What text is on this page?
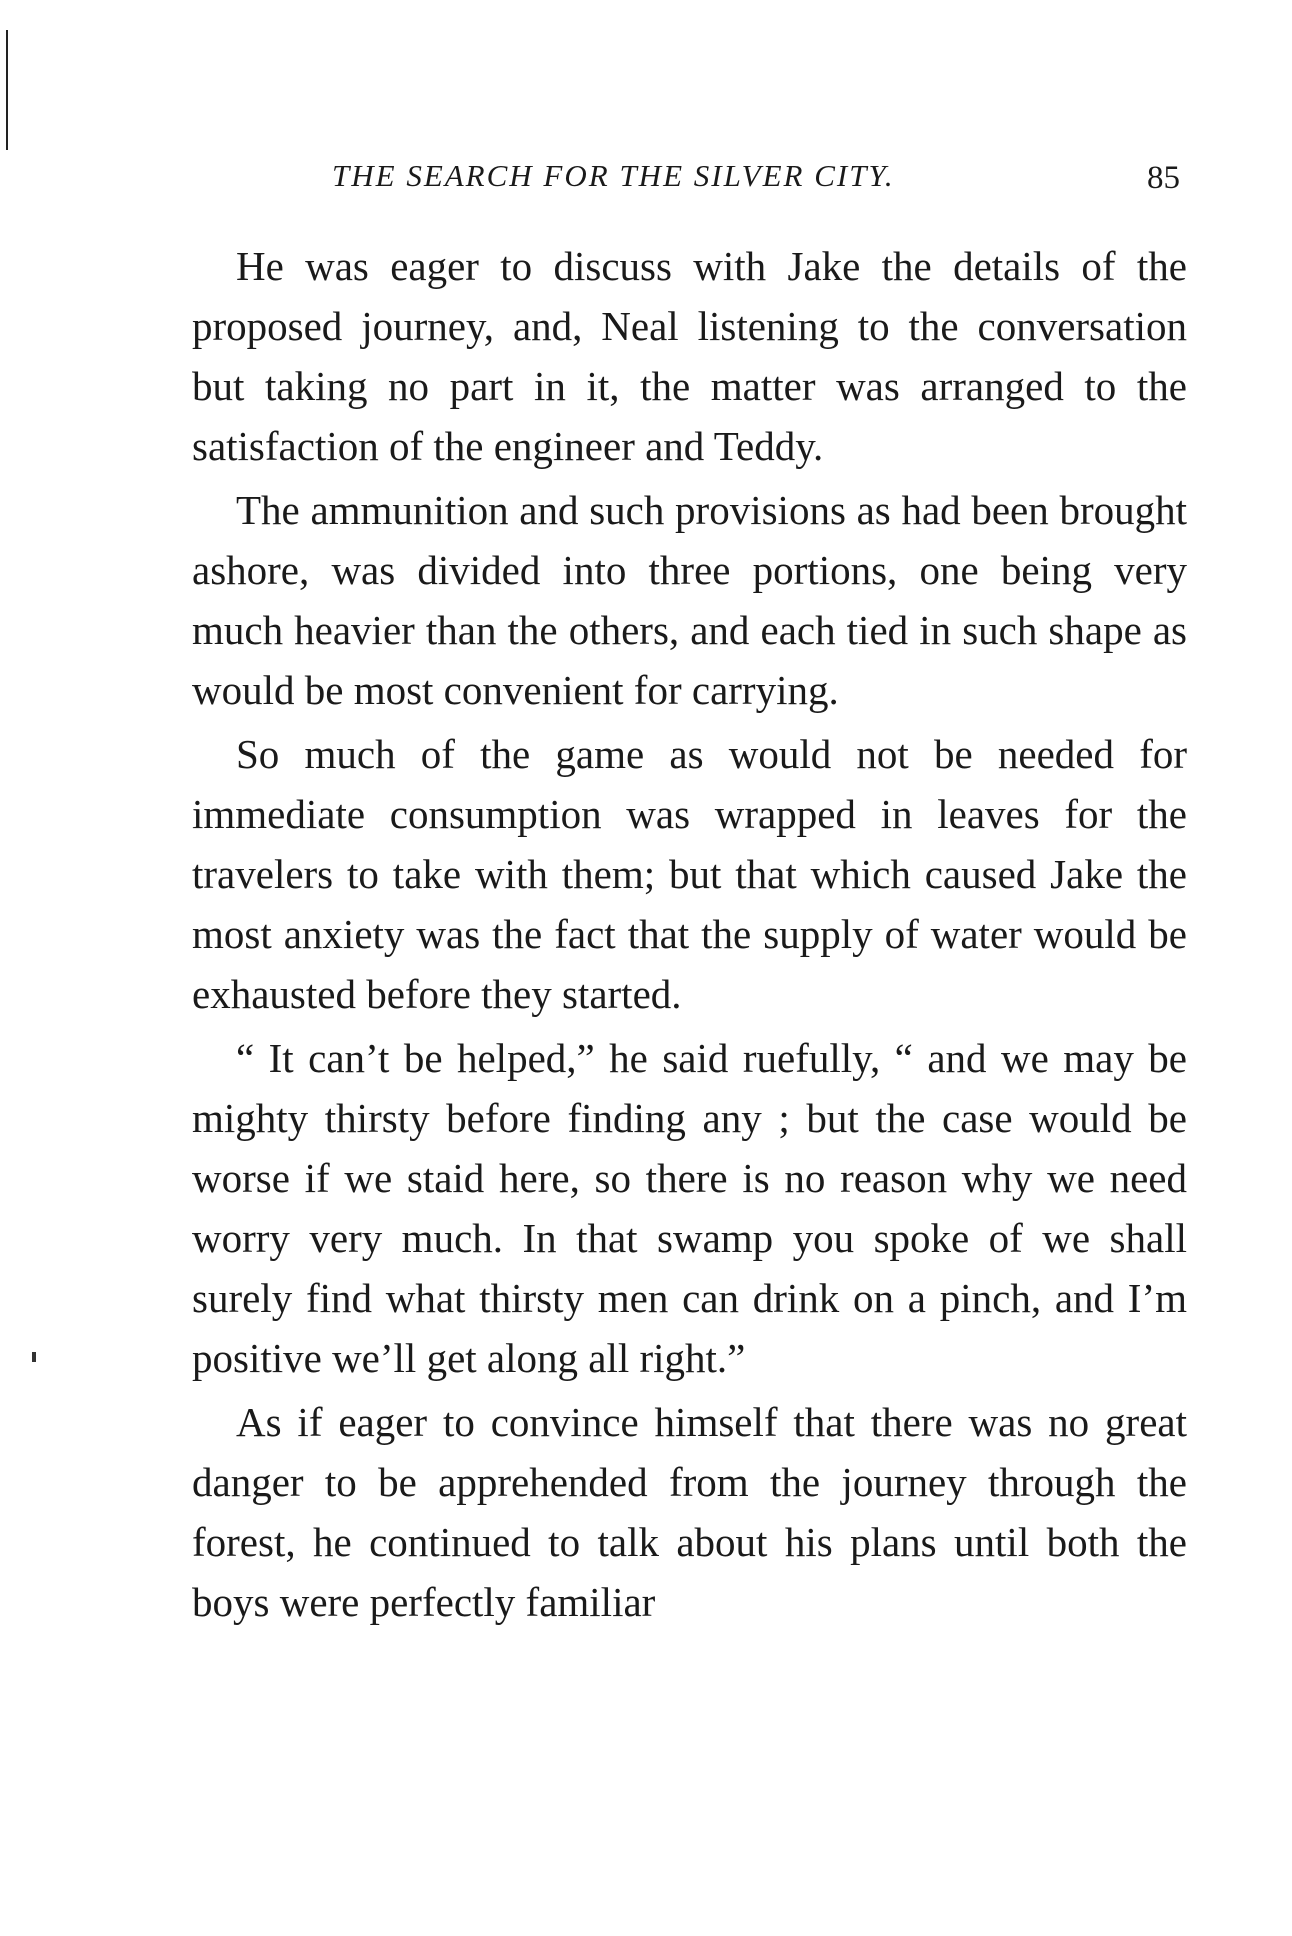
THE SEARCH FOR THE SILVER CITY.	85

He was eager to discuss with Jake the details of the proposed journey, and, Neal listening to the conversation but taking no part in it, the matter was arranged to the satisfaction of the engineer and Teddy.

The ammunition and such provisions as had been brought ashore, was divided into three portions, one being very much heavier than the others, and each tied in such shape as would be most convenient for carrying.

So much of the game as would not be needed for immediate consumption was wrapped in leaves for the travelers to take with them; but that which caused Jake the most anxiety was the fact that the supply of water would be exhausted before they started.

“ It can’t be helped,” he said ruefully, “ and we may be mighty thirsty before finding any ; but the case would be worse if we staid here, so there is no reason why we need worry very much. In that swamp you spoke of we shall surely find what thirsty men can drink on a pinch, and I’m positive we’ll get along all right.”

As if eager to convince himself that there was no great danger to be apprehended from the journey through the forest, he continued to talk about his plans until both the boys were perfectly familiar
